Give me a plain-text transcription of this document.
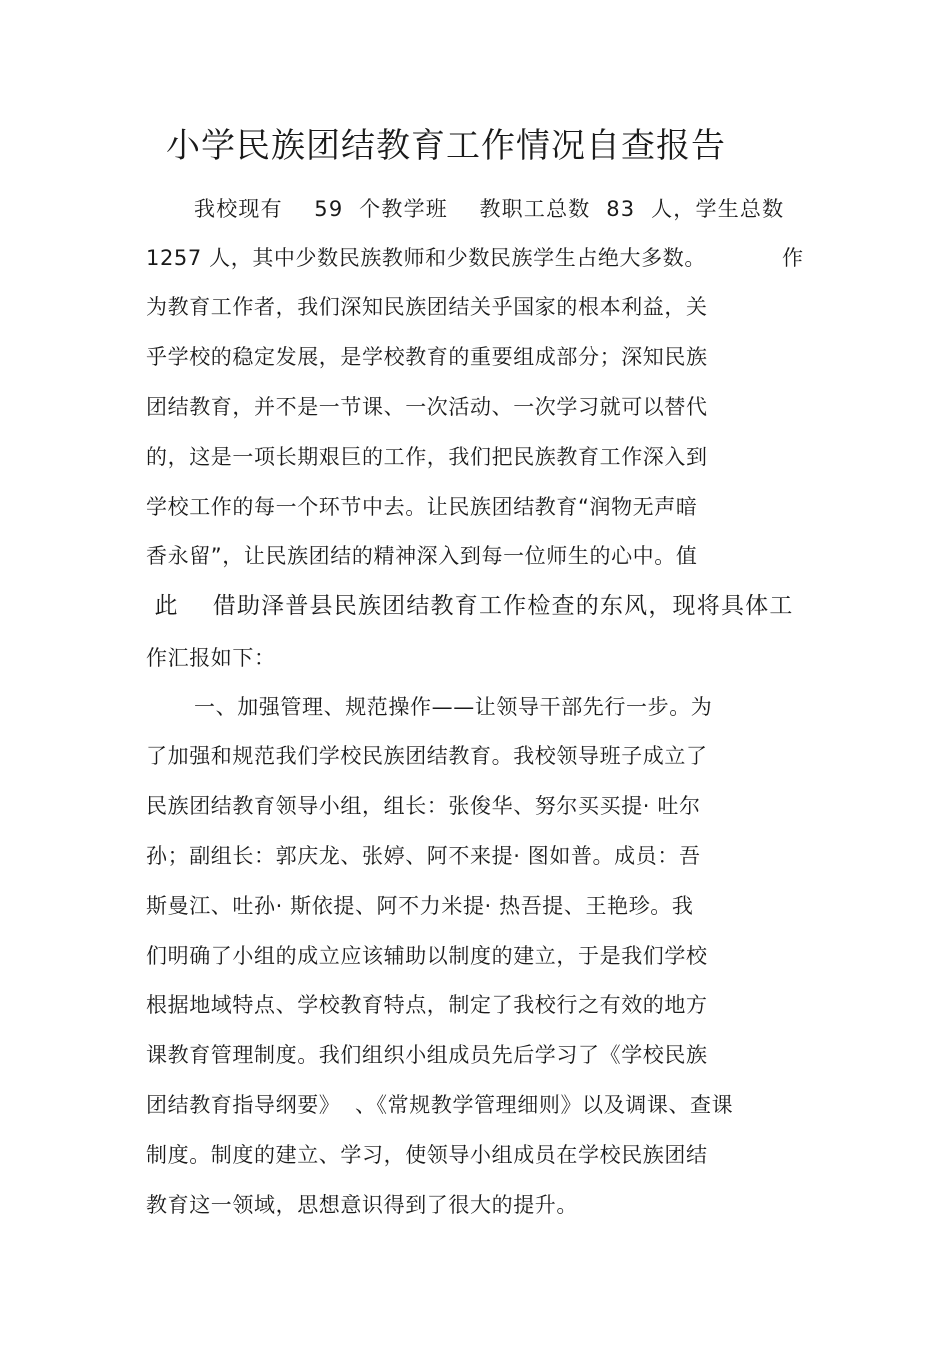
小学民族团结教育工作情况自查报告
我校现有    59  个教学班    教职工总数  83  人，学生总数
1257 人，其中少数民族教师和少数民族学生占绝大多数。	作
为教育工作者，我们深知民族团结关乎国家的根本利益，关
乎学校的稳定发展，是学校教育的重要组成部分；深知民族
团结教育，并不是一节课、一次活动、一次学习就可以替代
的，这是一项长期艰巨的工作，我们把民族教育工作深入到
学校工作的每一个环节中去。让民族团结教育“润物无声暗
香永留”，让民族团结的精神深入到每一位师生的心中。值
此    借助泽普县民族团结教育工作检查的东风，现将具体工
作汇报如下：
一、加强管理、规范操作——让领导干部先行一步。为
了加强和规范我们学校民族团结教育。我校领导班子成立了
民族团结教育领导小组，组长：张俊华、努尔买买提· 吐尔
孙；副组长：郭庆龙、张婷、阿不来提· 图如普。成员：吾
斯曼江、吐孙· 斯依提、阿不力米提· 热吾提、王艳珍。我
们明确了小组的成立应该辅助以制度的建立，于是我们学校
根据地域特点、学校教育特点，制定了我校行之有效的地方
课教育管理制度。我们组织小组成员先后学习了《学校民族
团结教育指导纲要》  、《常规教学管理细则》以及调课、查课
制度。制度的建立、学习，使领导小组成员在学校民族团结
教育这一领域，思想意识得到了很大的提升。
